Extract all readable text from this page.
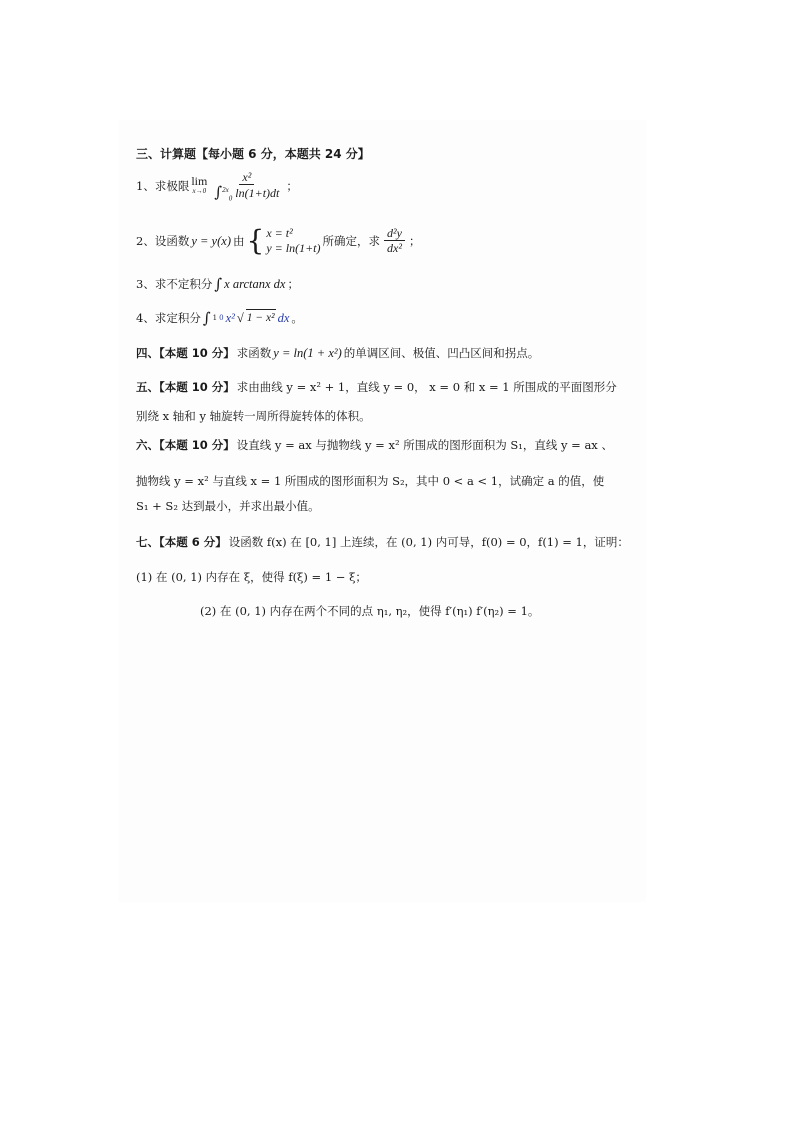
三、计算题【每小题 6 分，本题共 24 分】
1、求极限 lim
$x\to 0 \frac{\text{x²}}{\int^{2x}_0 \ln(1+t)dt}$ ；
2、设函数 y = y(x) 由 { x = t²
y = ln(1+t) 所确定，求 $\frac{\text{d²y}}{\text{dx²}}$ ；
3、求不定积分 ∫ x arctanx dx ；
4、求定积分 ∫ 1 0 x² √ 1 − x² dx 。
四、【本题 10 分】 求函数 y = ln(1 + x²) 的单调区间、极值、凹凸区间和拐点。
五、【本题 10 分】 求由曲线 y = x² + 1，直线 y = 0， x = 0 和 x = 1 所围成的平面图形分
别绕 x 轴和 y 轴旋转一周所得旋转体的体积。
六、【本题 10 分】 设直线 y = ax 与抛物线 y = x² 所围成的图形面积为 S₁，直线 y = ax 、
抛物线 y = x² 与直线 x = 1 所围成的图形面积为 S₂，其中 0 < a < 1，试确定 a 的值，使
S₁ + S₂ 达到最小，并求出最小值。
七、【本题 6 分】 设函数 f(x) 在 [0, 1] 上连续，在 (0, 1) 内可导，f(0) = 0，f(1) = 1，证明：
(1) 在 (0, 1) 内存在 ξ，使得 f(ξ) = 1 − ξ；
(2) 在 (0, 1) 内存在两个不同的点 η₁, η₂，使得 f′(η₁) f′(η₂) = 1。
